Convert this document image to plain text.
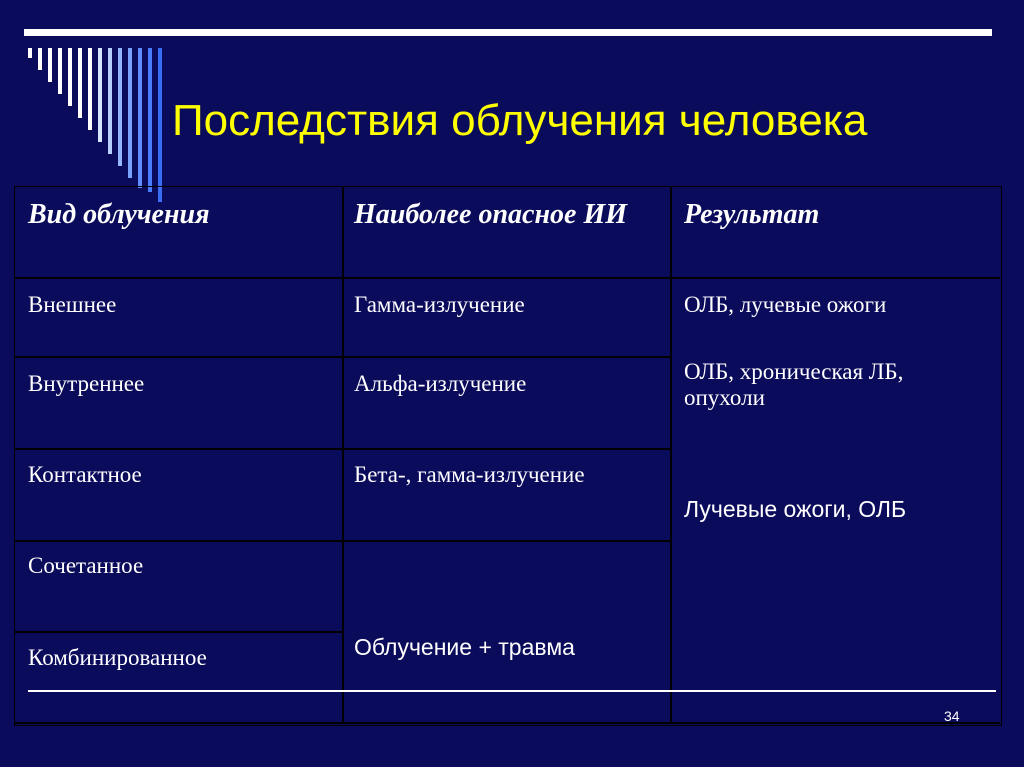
Последствия облучения человека
Вид облучения	Наиболее опасное ИИ	Результат
Внешнее
Внутреннее
Контактное
Сочетанное
Комбинированное
Гамма-излучение
Альфа-излучение
Бета-, гамма-излучение
Облучение + травма
ОЛБ, лучевые ожоги
ОЛБ, хроническая ЛБ, опухоли
Лучевые ожоги, ОЛБ
34
